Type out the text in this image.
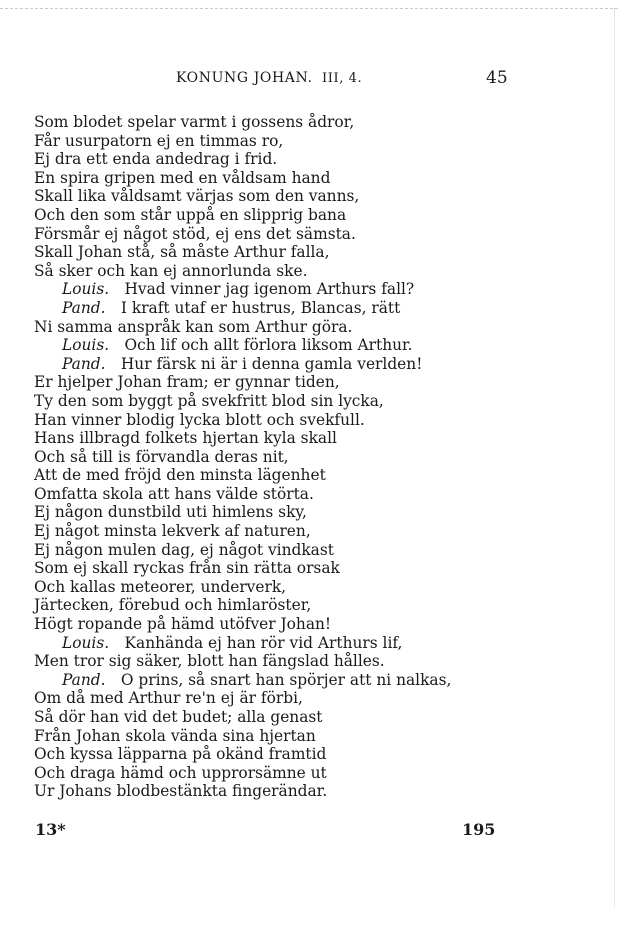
KONUNG JOHAN. III, 4.	45
Som blodet spelar varmt i gossens ådror,
Får usurpatorn ej en timmas ro,
Ej dra ett enda andedrag i frid.
En spira gripen med en våldsam hand
Skall lika våldsamt värjas som den vanns,
Och den som står uppå en slipprig bana
Försmår ej något stöd, ej ens det sämsta.
Skall Johan stå, så måste Arthur falla,
Så sker och kan ej annorlunda ske.
Louis.  Hvad vinner jag igenom Arthurs fall?
Pand.  I kraft utaf er hustrus, Blancas, rätt
Ni samma anspråk kan som Arthur göra.
Louis.  Och lif och allt förlora liksom Arthur.
Pand.  Hur färsk ni är i denna gamla verlden!
Er hjelper Johan fram; er gynnar tiden,
Ty den som byggt på svekfritt blod sin lycka,
Han vinner blodig lycka blott och svekfull.
Hans illbragd folkets hjertan kyla skall
Och så till is förvandla deras nit,
Att de med fröjd den minsta lägenhet
Omfatta skola att hans välde störta.
Ej någon dunstbild uti himlens sky,
Ej något minsta lekverk af naturen,
Ej någon mulen dag, ej något vindkast
Som ej skall ryckas från sin rätta orsak
Och kallas meteorer, underverk,
Järtecken, förebud och himlaröster,
Högt ropande på hämd utöfver Johan!
Louis.  Kanhända ej han rör vid Arthurs lif,
Men tror sig säker, blott han fängslad hålles.
Pand.  O prins, så snart han spörjer att ni nalkas,
Om då med Arthur re'n ej är förbi,
Så dör han vid det budet; alla genast
Från Johan skola vända sina hjertan
Och kyssa läpparna på okänd framtid
Och draga hämd och upprorsämne ut
Ur Johans blodbestänkta fingerändar.
13*	195
